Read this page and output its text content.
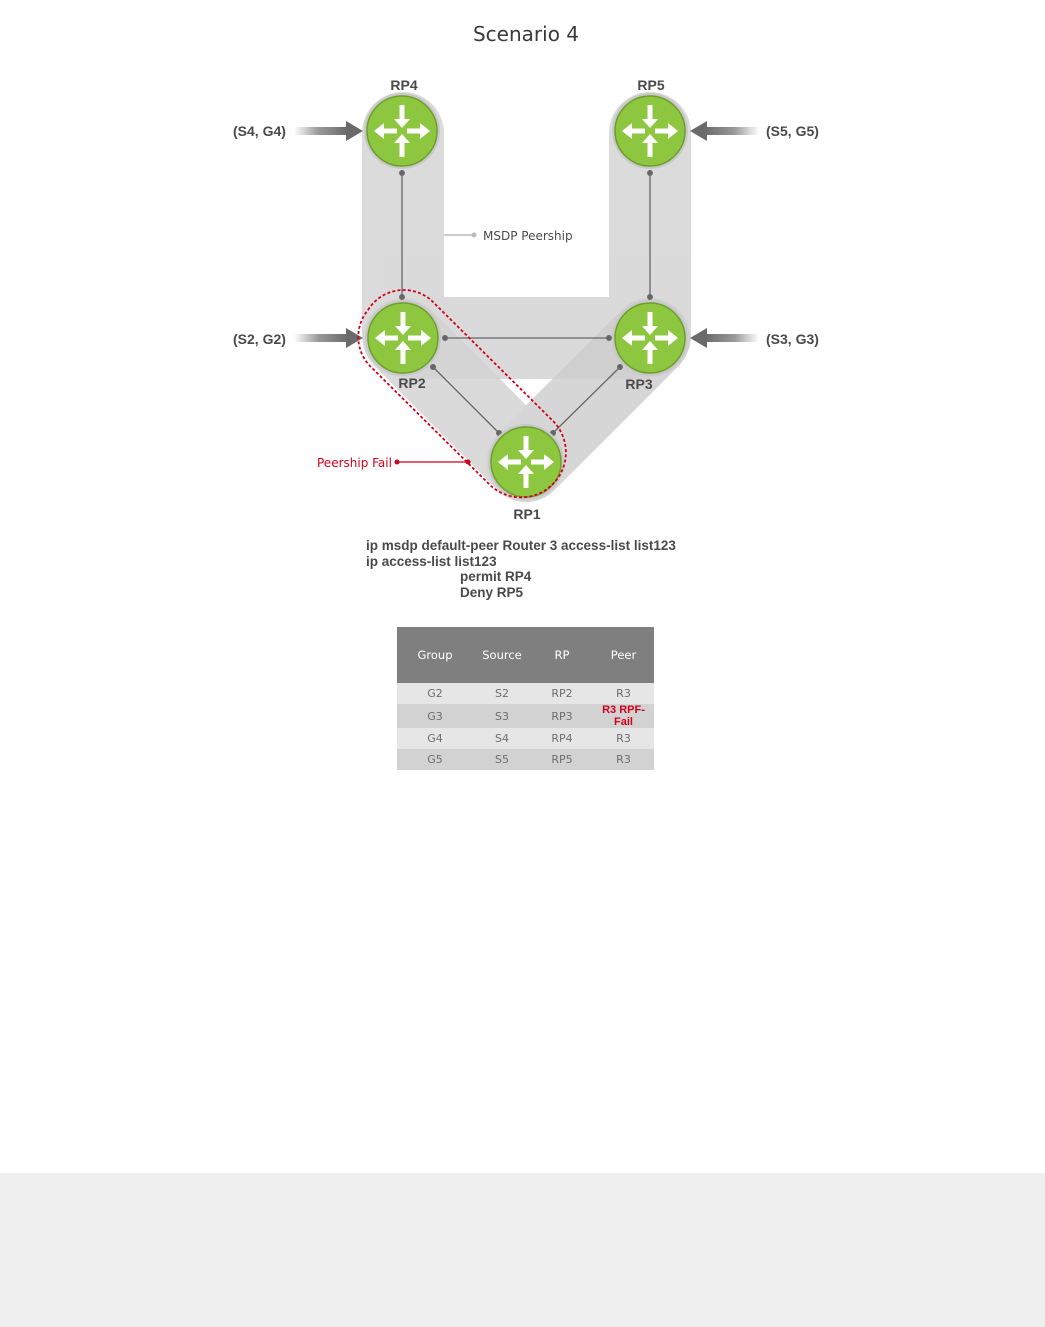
Scenario 4
MSDP Peership
(S4, G4)
(S2, G2)
(S5, G5)
(S3, G3)
RP4	RP5
RP2	RP3
RP1
Peership Fail
ip msdp default-peer Router 3 access-list list123
ip access-list list123
permit RP4
Deny RP5
Group	Source	RP	Peer
G2	S2	RP2	R3
G3	S3	RP3	R3 RPF-Fail
G4	S4	RP4	R3
G5	S5	RP5	R3
